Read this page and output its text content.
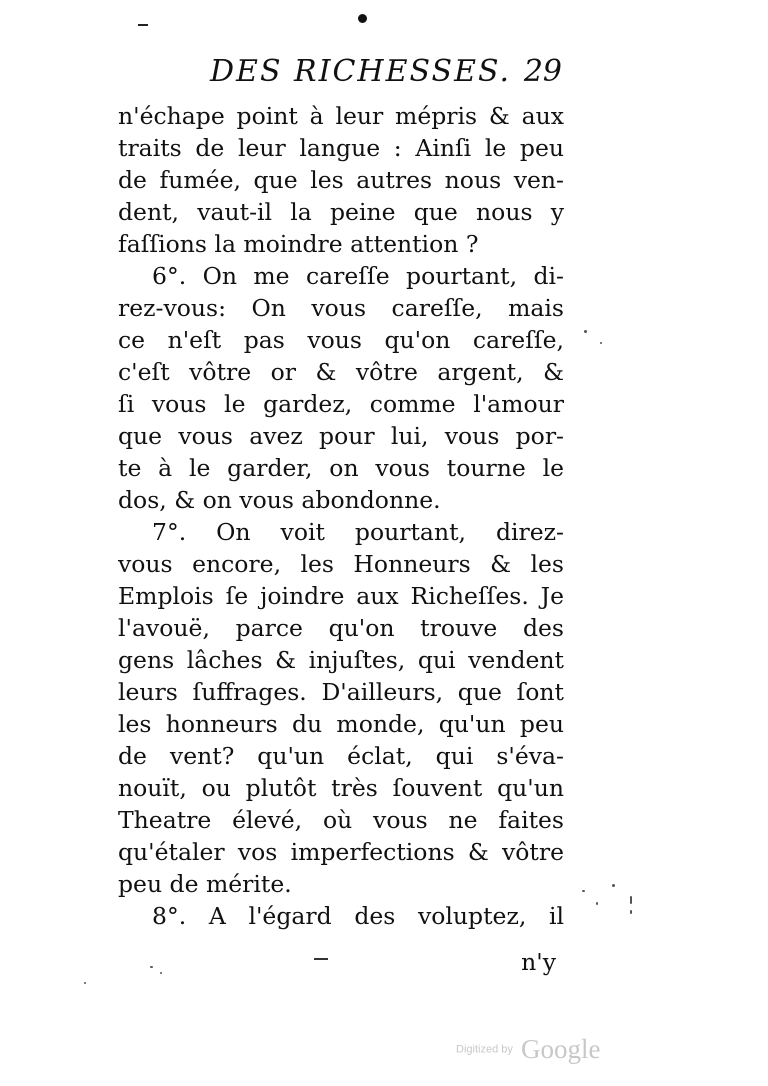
DES RICHESSES. 29
n'échape point à leur mépris & aux
traits de leur langue : Ainſi le peu
de fumée, que les autres nous ven-
dent, vaut-il la peine que nous y
faſſions la moindre attention ?
6°. On me careſſe pourtant, di-
rez-vous: On vous careſſe, mais
ce n'eſt pas vous qu'on careſſe,
c'eſt vôtre or & vôtre argent, &
ſi vous le gardez, comme l'amour
que vous avez pour lui, vous por-
te à le garder, on vous tourne le
dos, & on vous abondonne.
7°. On voit pourtant, direz-
vous encore, les Honneurs & les
Emplois ſe joindre aux Richeſſes. Je
l'avouë, parce qu'on trouve des
gens lâches & injuſtes, qui vendent
leurs ſuffrages. D'ailleurs, que ſont
les honneurs du monde, qu'un peu
de vent? qu'un éclat, qui s'éva-
nouït, ou plutôt très ſouvent qu'un
Theatre élevé, où vous ne faites
qu'étaler vos imperfections & vôtre
peu de mérite.
8°. A l'égard des voluptez, il
n'y
Digitized by Google
